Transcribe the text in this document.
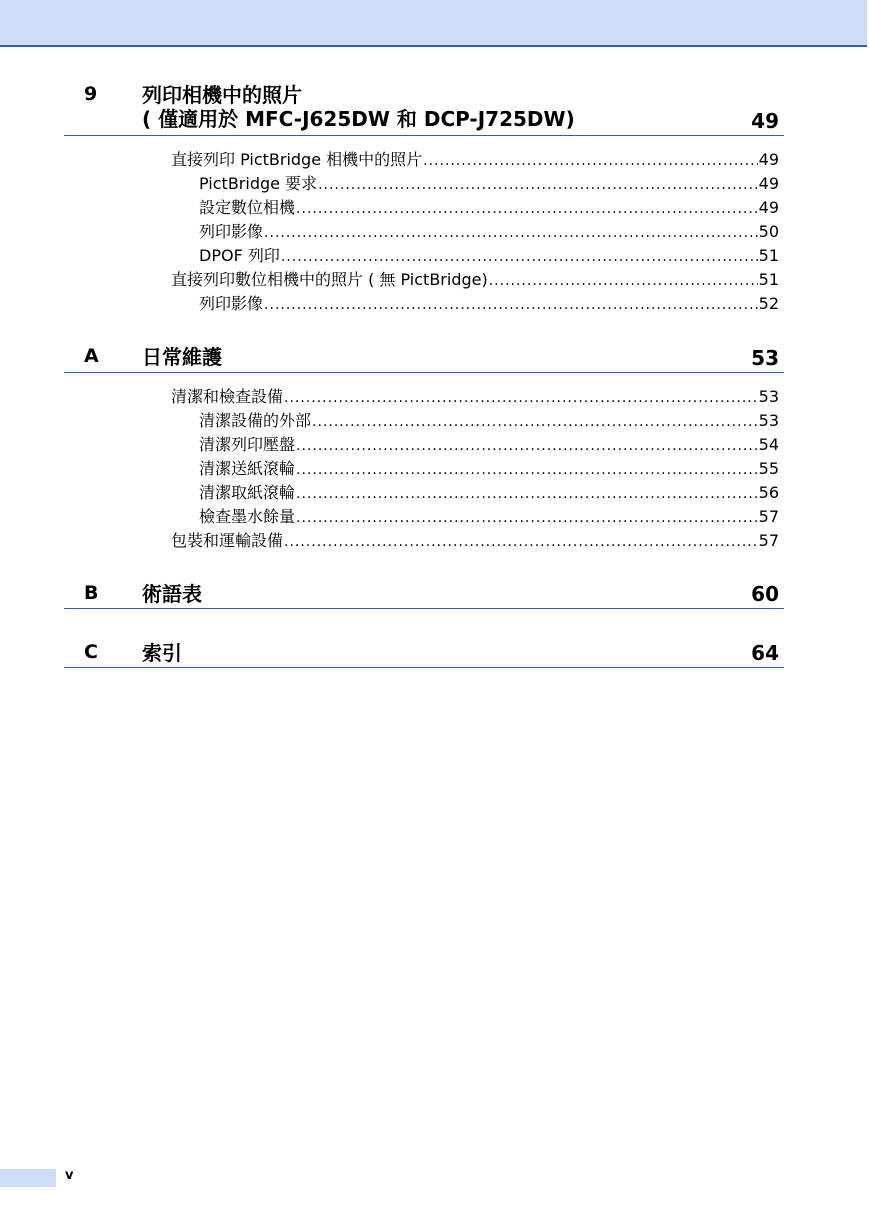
9 列印相機中的照片
( 僅適用於 MFC-J625DW 和 DCP-J725DW)	49
直接列印 PictBridge 相機中的照片 .....	49
PictBridge 要求 .....	49
設定數位相機 .....	49
列印影像 .....	50
DPOF 列印 .....	51
直接列印數位相機中的照片 ( 無 PictBridge) .....	51
列印影像 .....	52
A 日常維護	53
清潔和檢查設備 .....	53
清潔設備的外部 .....	53
清潔列印壓盤 .....	54
清潔送紙滾輪 .....	55
清潔取紙滾輪 .....	56
檢查墨水餘量 .....	57
包裝和運輸設備 .....	57
B 術語表	60
C 索引	64
v
